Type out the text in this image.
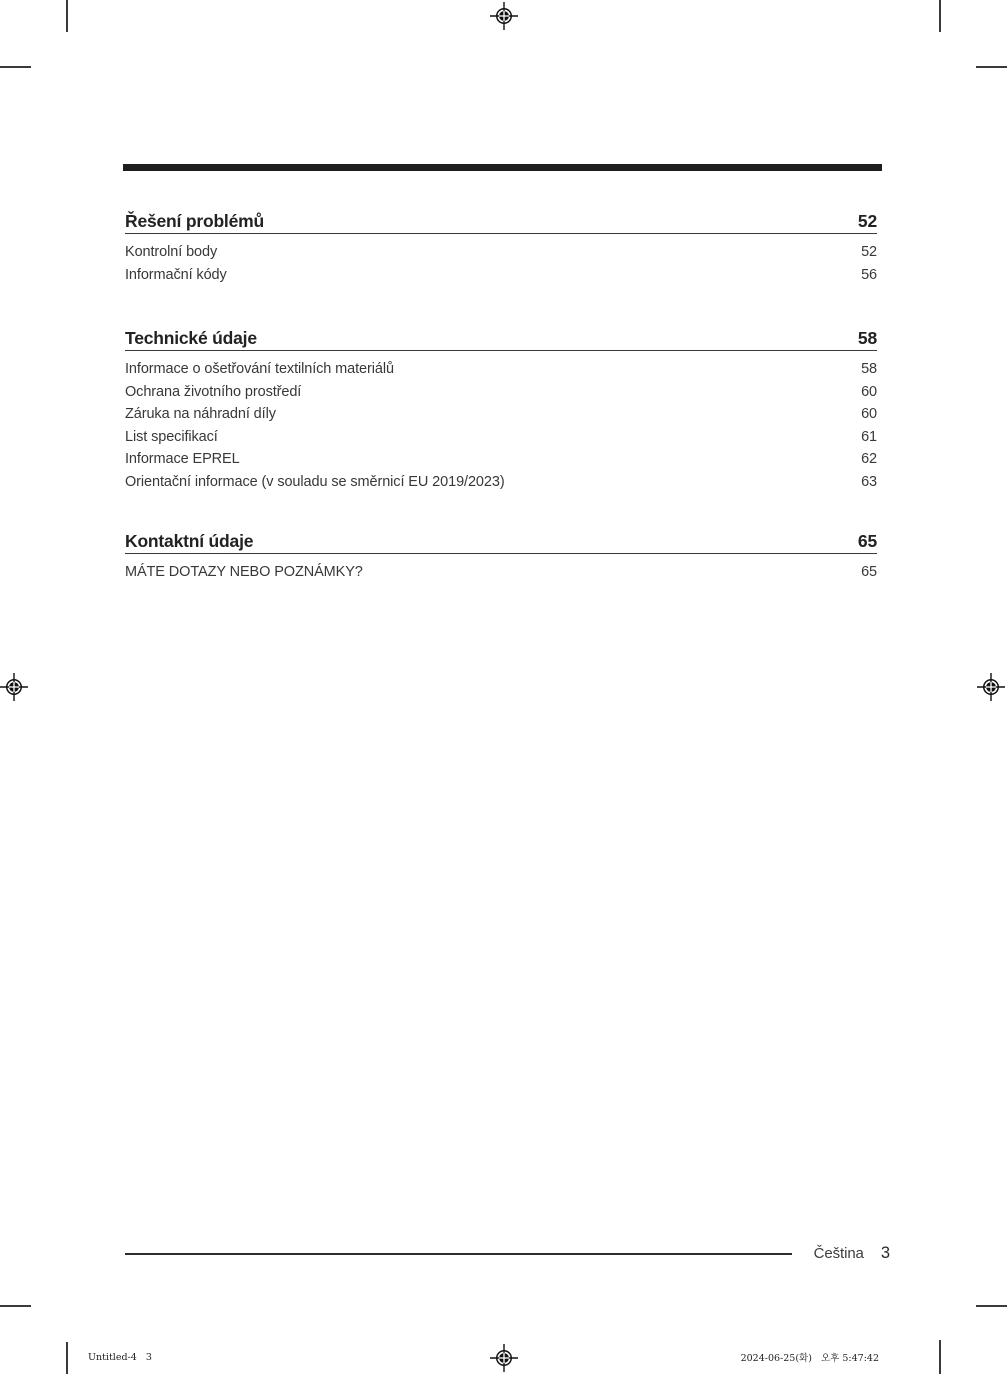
Řešení problémů	52
Kontrolní body	52
Informační kódy	56
Technické údaje	58
Informace o ošetřování textilních materiálů	58
Ochrana životního prostředí	60
Záruka na náhradní díly	60
List specifikací	61
Informace EPREL	62
Orientační informace (v souladu se směrnicí EU 2019/2023)	63
Kontaktní údaje	65
MÁTE DOTAZY NEBO POZNÁMKY?	65
Čeština 3
Untitled-4   3	2024-06-25(화)   오후 5:47:42
